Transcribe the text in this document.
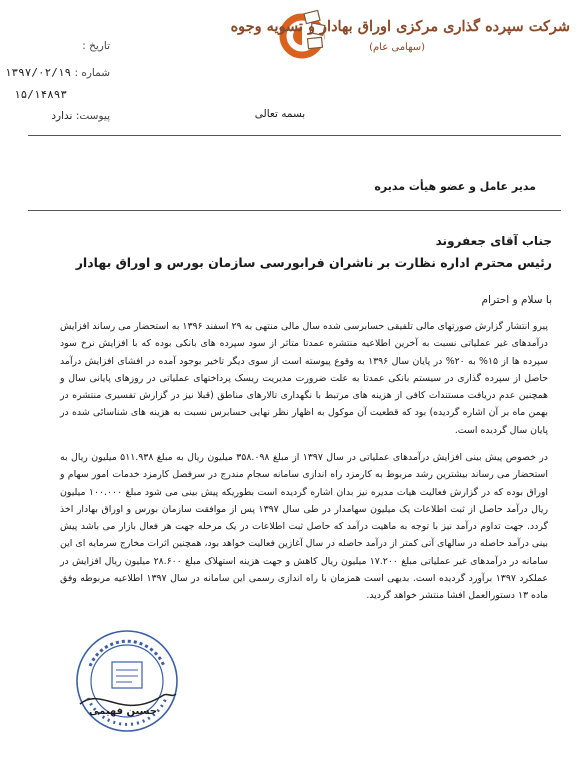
شرکت سپرده گذاری مرکزی اوراق بهادار و تسویه وجوه
(سهامی عام)
تاریخ :
شماره : ۱۳۹۷/۰۲/۱۹
۱۵/۱۴۸۹۳
پیوست: ندارد	بسمه تعالی
مدیر عامل و عضو هیأت مدیره
جناب آقای جعفروند
رئیس محترم اداره نظارت بر ناشران فرابورسی سازمان بورس و اوراق بهادار
با سلام و احترام
پیرو انتشار گزارش صورتهای مالی تلفیقی حسابرسی شده سال مالی منتهی به ۲۹ اسفند ۱۳۹۶ به استحضار می رساند افزایش درآمدهای غیر عملیاتی نسبت به آخرین اطلاعیه منتشره عمدتا متاثر از سود سپرده های بانکی بوده که با افزایش نرخ سود سپرده ها از ۱۵% به ۲۰% در پایان سال ۱۳۹۶ به وقوع پیوسته است از سوی دیگر تاخیر بوجود آمده در افشای افزایش درآمد حاصل از سپرده گذاری در سیستم بانکی عمدتا به علت ضرورت مدیریت ریسک پرداختهای عملیاتی در روزهای پایانی سال و همچنین عدم دریافت مستندات کافی از هزینه های مرتبط با نگهداری تالارهای مناطق (قبلا نیز در گزارش تفسیری منتشره در بهمن ماه بر آن اشاره گردیده) بود که قطعیت آن موکول به اظهار نظر نهایی حسابرس نسبت به هزینه های شناسائی شده در پایان سال گردیده است.
در خصوص پیش بینی افزایش درآمدهای عملیاتی در سال ۱۳۹۷ از مبلغ ۳۵۸.۰۹۸ میلیون ریال به مبلغ ۵۱۱.۹۳۸ میلیون ریال به استحضار می رساند بیشترین رشد مربوط به کارمزد راه اندازی سامانه سجام مندرج در سرفصل کارمزد خدمات امور سهام و اوراق بوده که در گزارش فعالیت هیات مدیره نیز بدان اشاره گردیده است بطوریکه پیش بینی می شود مبلغ ۱۰۰.۰۰۰ میلیون ریال درآمد حاصل از ثبت اطلاعات یک میلیون سهامدار در طی سال ۱۳۹۷ پس از موافقت سازمان بورس و اوراق بهادار اخذ گردد. جهت تداوم درآمد نیز با توجه به ماهیت درآمد که حاصل ثبت اطلاعات در یک مرحله جهت هر فعال بازار می باشد پیش بینی درآمد حاصله در سالهای آتی کمتر از درآمد حاصله در سال آغازین فعالیت خواهد بود، همچنین اثرات مخارج سرمایه ای این سامانه در درآمدهای غیر عملیاتی مبلغ ۱۷.۲۰۰ میلیون ریال کاهش و جهت هزینه استهلاک مبلغ ۲۸.۶۰۰ میلیون ریال افزایش در عملکرد ۱۳۹۷ برآورد گردیده است. بدیهی است همزمان با راه اندازی رسمی این سامانه در سال ۱۳۹۷ اطلاعیه مربوطه وفق ماده ۱۳ دستورالعمل افشا منتشر خواهد گردید.
حسین فهیمی
